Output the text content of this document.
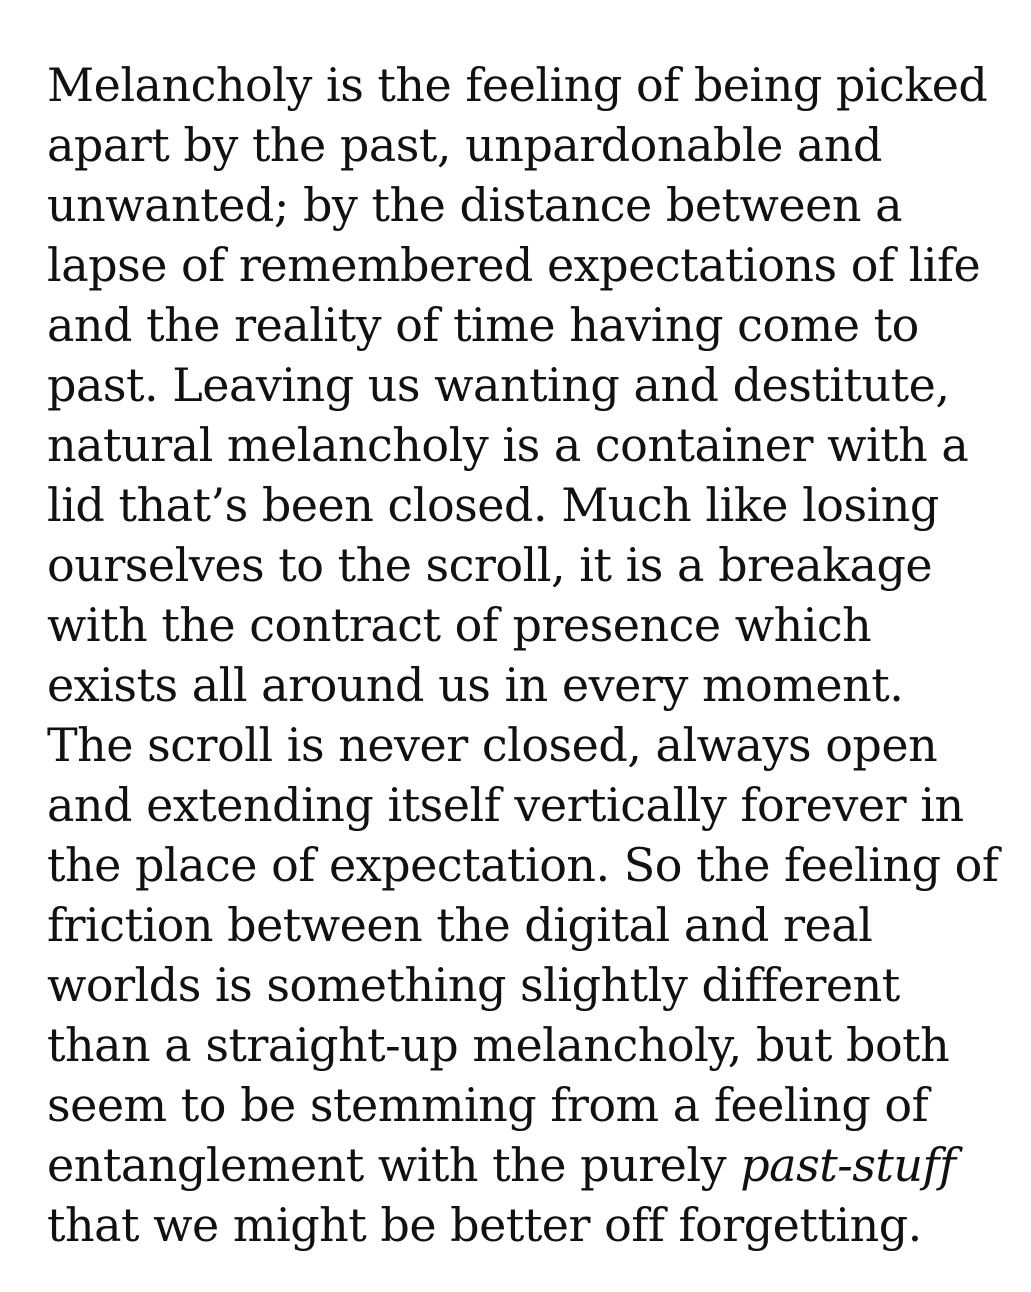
Melancholy is the feeling of being picked
apart by the past, unpardonable and
unwanted; by the distance between a
lapse of remembered expectations of life
and the reality of time having come to
past. Leaving us wanting and destitute,
natural melancholy is a container with a
lid that’s been closed. Much like losing
ourselves to the scroll, it is a breakage
with the contract of presence which
exists all around us in every moment.
The scroll is never closed, always open
and extending itself vertically forever in
the place of expectation. So the feeling of
friction between the digital and real
worlds is something slightly different
than a straight-up melancholy, but both
seem to be stemming from a feeling of
entanglement with the purely past-stuff
that we might be better off forgetting.
